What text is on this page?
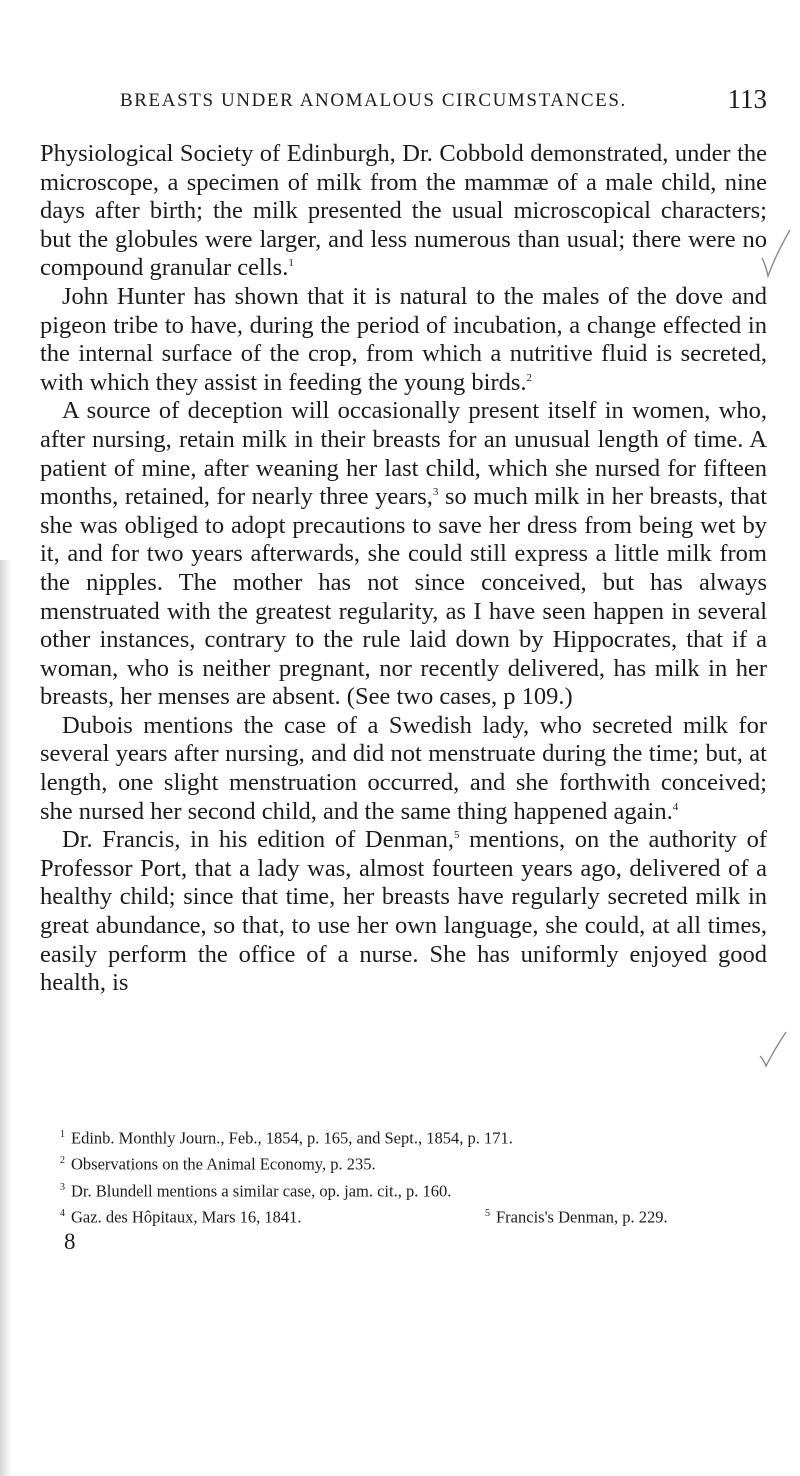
BREASTS UNDER ANOMALOUS CIRCUMSTANCES.	113

Physiological Society of Edinburgh, Dr. Cobbold demonstrated, under the microscope, a specimen of milk from the mammæ of a male child, nine days after birth; the milk presented the usual microscopical characters; but the globules were larger, and less numerous than usual; there were no compound granular cells.$^1$

John Hunter has shown that it is natural to the males of the dove and pigeon tribe to have, during the period of incubation, a change effected in the internal surface of the crop, from which a nutritive fluid is secreted, with which they assist in feeding the young birds.$^2$

A source of deception will occasionally present itself in women, who, after nursing, retain milk in their breasts for an unusual length of time. A patient of mine, after weaning her last child, which she nursed for fifteen months, retained, for nearly three years,$^3$ so much milk in her breasts, that she was obliged to adopt precautions to save her dress from being wet by it, and for two years afterwards, she could still express a little milk from the nipples. The mother has not since conceived, but has always menstruated with the greatest regularity, as I have seen happen in several other instances, contrary to the rule laid down by Hippocrates, that if a woman, who is neither pregnant, nor recently delivered, has milk in her breasts, her menses are absent. (See two cases, p 109.)

Dubois mentions the case of a Swedish lady, who secreted milk for several years after nursing, and did not menstruate during the time; but, at length, one slight menstruation occurred, and she forthwith conceived; she nursed her second child, and the same thing happened again.$^4$

Dr. Francis, in his edition of Denman,$^5$ mentions, on the authority of Professor Port, that a lady was, almost fourteen years ago, delivered of a healthy child; since that time, her breasts have regularly secreted milk in great abundance, so that, to use her own language, she could, at all times, easily perform the office of a nurse. She has uniformly enjoyed good health, is

$^1$ Edinb. Monthly Journ., Feb., 1854, p. 165, and Sept., 1854, p. 171.
$^2$ Observations on the Animal Economy, p. 235.
$^3$ Dr. Blundell mentions a similar case, op. jam. cit., p. 160.
$^4$ Gaz. des Hôpitaux, Mars 16, 1841.	$^5$ Francis's Denman, p. 229.
8
